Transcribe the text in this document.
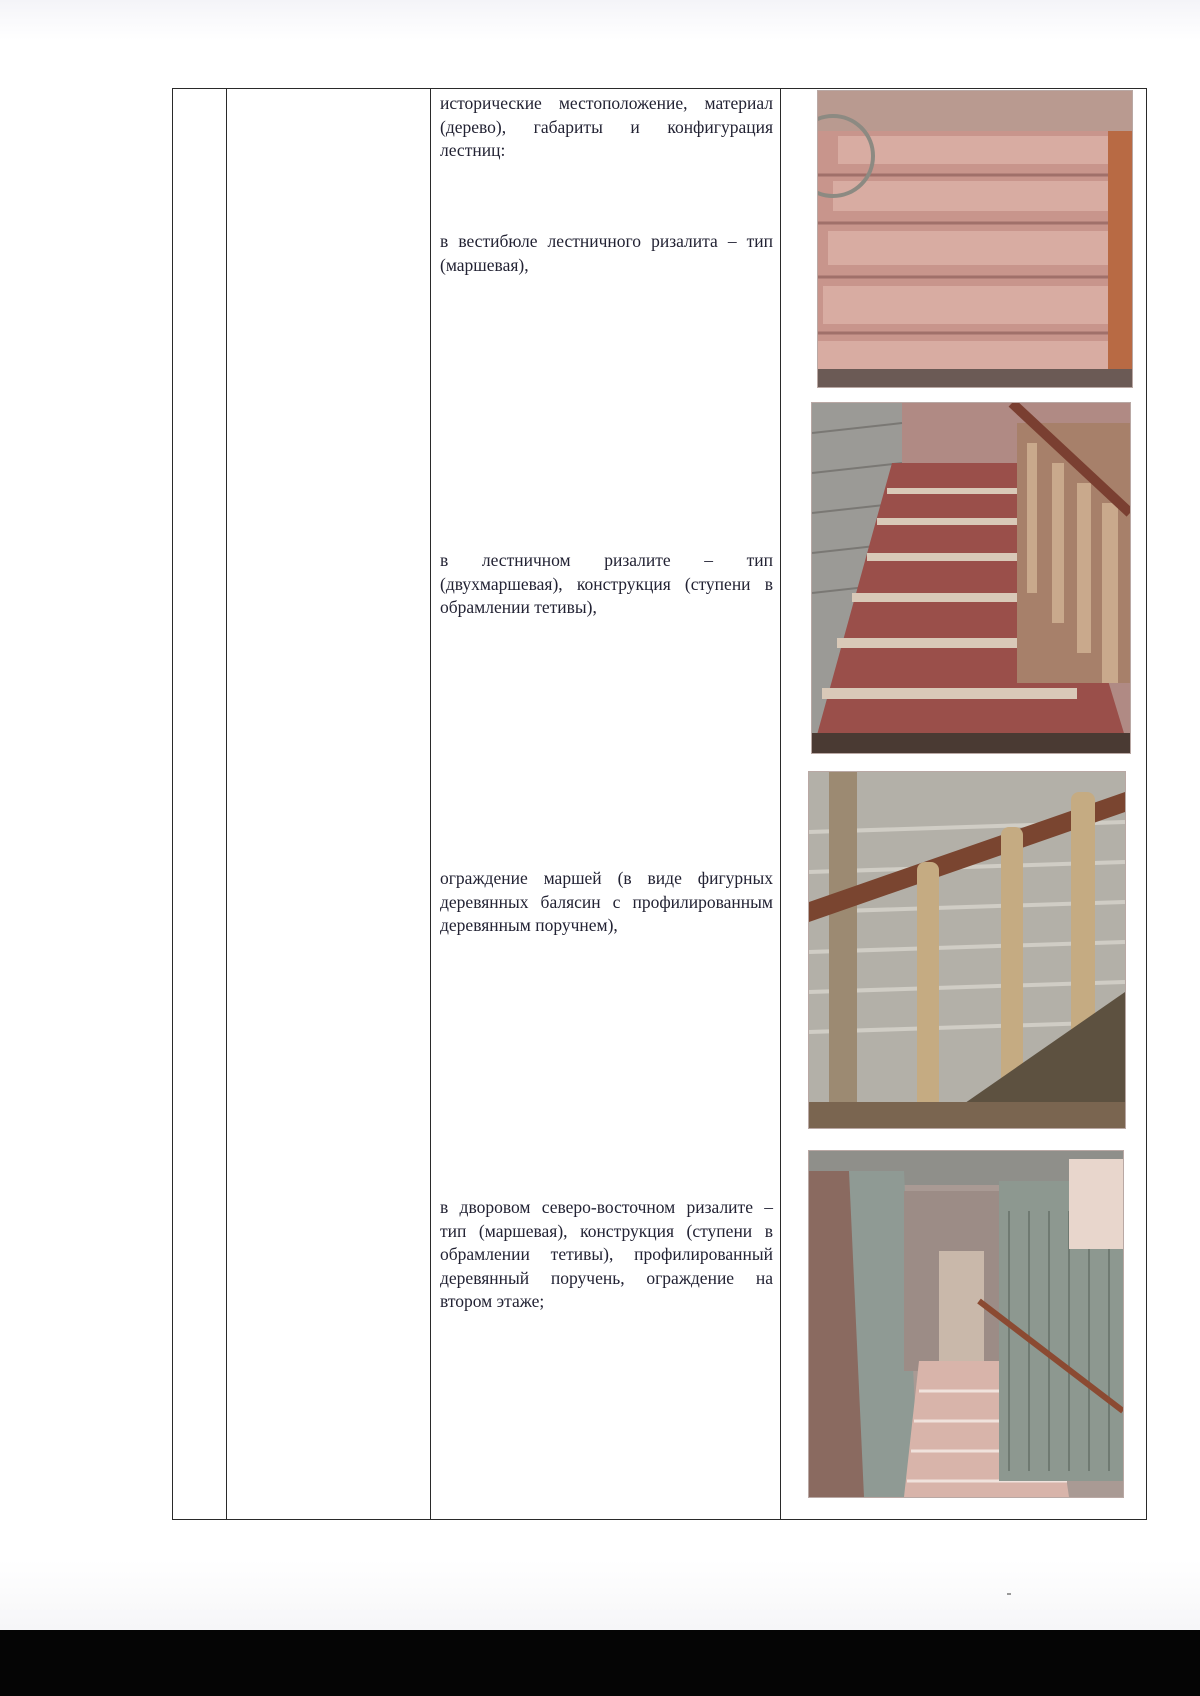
исторические местоположение, материал (дерево), габариты и конфигурация лестниц:
в вестибюле лестничного ризалита – тип (маршевая),
в лестничном ризалите – тип (двухмаршевая), конструкция (ступени в обрамлении тетивы),
ограждение маршей (в виде фигурных деревянных балясин с профилированным деревянным поручнем),
в дворовом северо-восточном ризалите – тип (маршевая), конструкция (ступени в обрамлении тетивы), профилированный деревянный поручень, ограждение на втором этаже;
